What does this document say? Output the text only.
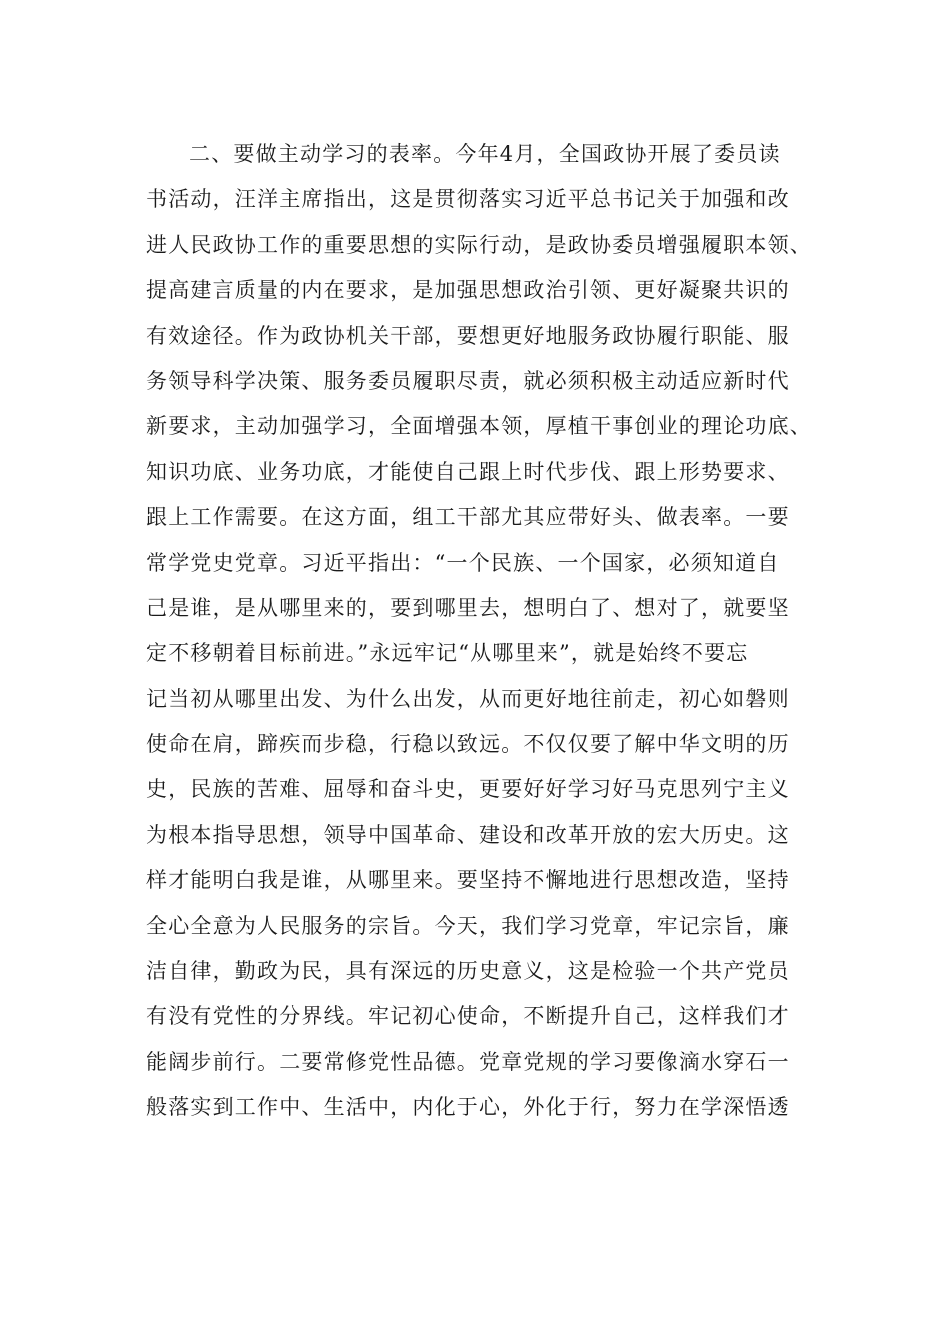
二、要做主动学习的表率。今年4月，全国政协开展了委员读
书活动，汪洋主席指出，这是贯彻落实习近平总书记关于加强和改
进人民政协工作的重要思想的实际行动，是政协委员增强履职本领、
提高建言质量的内在要求，是加强思想政治引领、更好凝聚共识的
有效途径。作为政协机关干部，要想更好地服务政协履行职能、服
务领导科学决策、服务委员履职尽责，就必须积极主动适应新时代
新要求，主动加强学习，全面增强本领，厚植干事创业的理论功底、
知识功底、业务功底，才能使自己跟上时代步伐、跟上形势要求、
跟上工作需要。在这方面，组工干部尤其应带好头、做表率。一要
常学党史党章。习近平指出：“一个民族、一个国家，必须知道自
己是谁，是从哪里来的，要到哪里去，想明白了、想对了，就要坚
定不移朝着目标前进。”永远牢记“从哪里来”，就是始终不要忘
记当初从哪里出发、为什么出发，从而更好地往前走，初心如磐则
使命在肩，蹄疾而步稳，行稳以致远。不仅仅要了解中华文明的历
史，民族的苦难、屈辱和奋斗史，更要好好学习好马克思列宁主义
为根本指导思想，领导中国革命、建设和改革开放的宏大历史。这
样才能明白我是谁，从哪里来。要坚持不懈地进行思想改造，坚持
全心全意为人民服务的宗旨。今天，我们学习党章，牢记宗旨，廉
洁自律，勤政为民，具有深远的历史意义，这是检验一个共产党员
有没有党性的分界线。牢记初心使命，不断提升自己，这样我们才
能阔步前行。二要常修党性品德。党章党规的学习要像滴水穿石一
般落实到工作中、生活中，内化于心，外化于行，努力在学深悟透
